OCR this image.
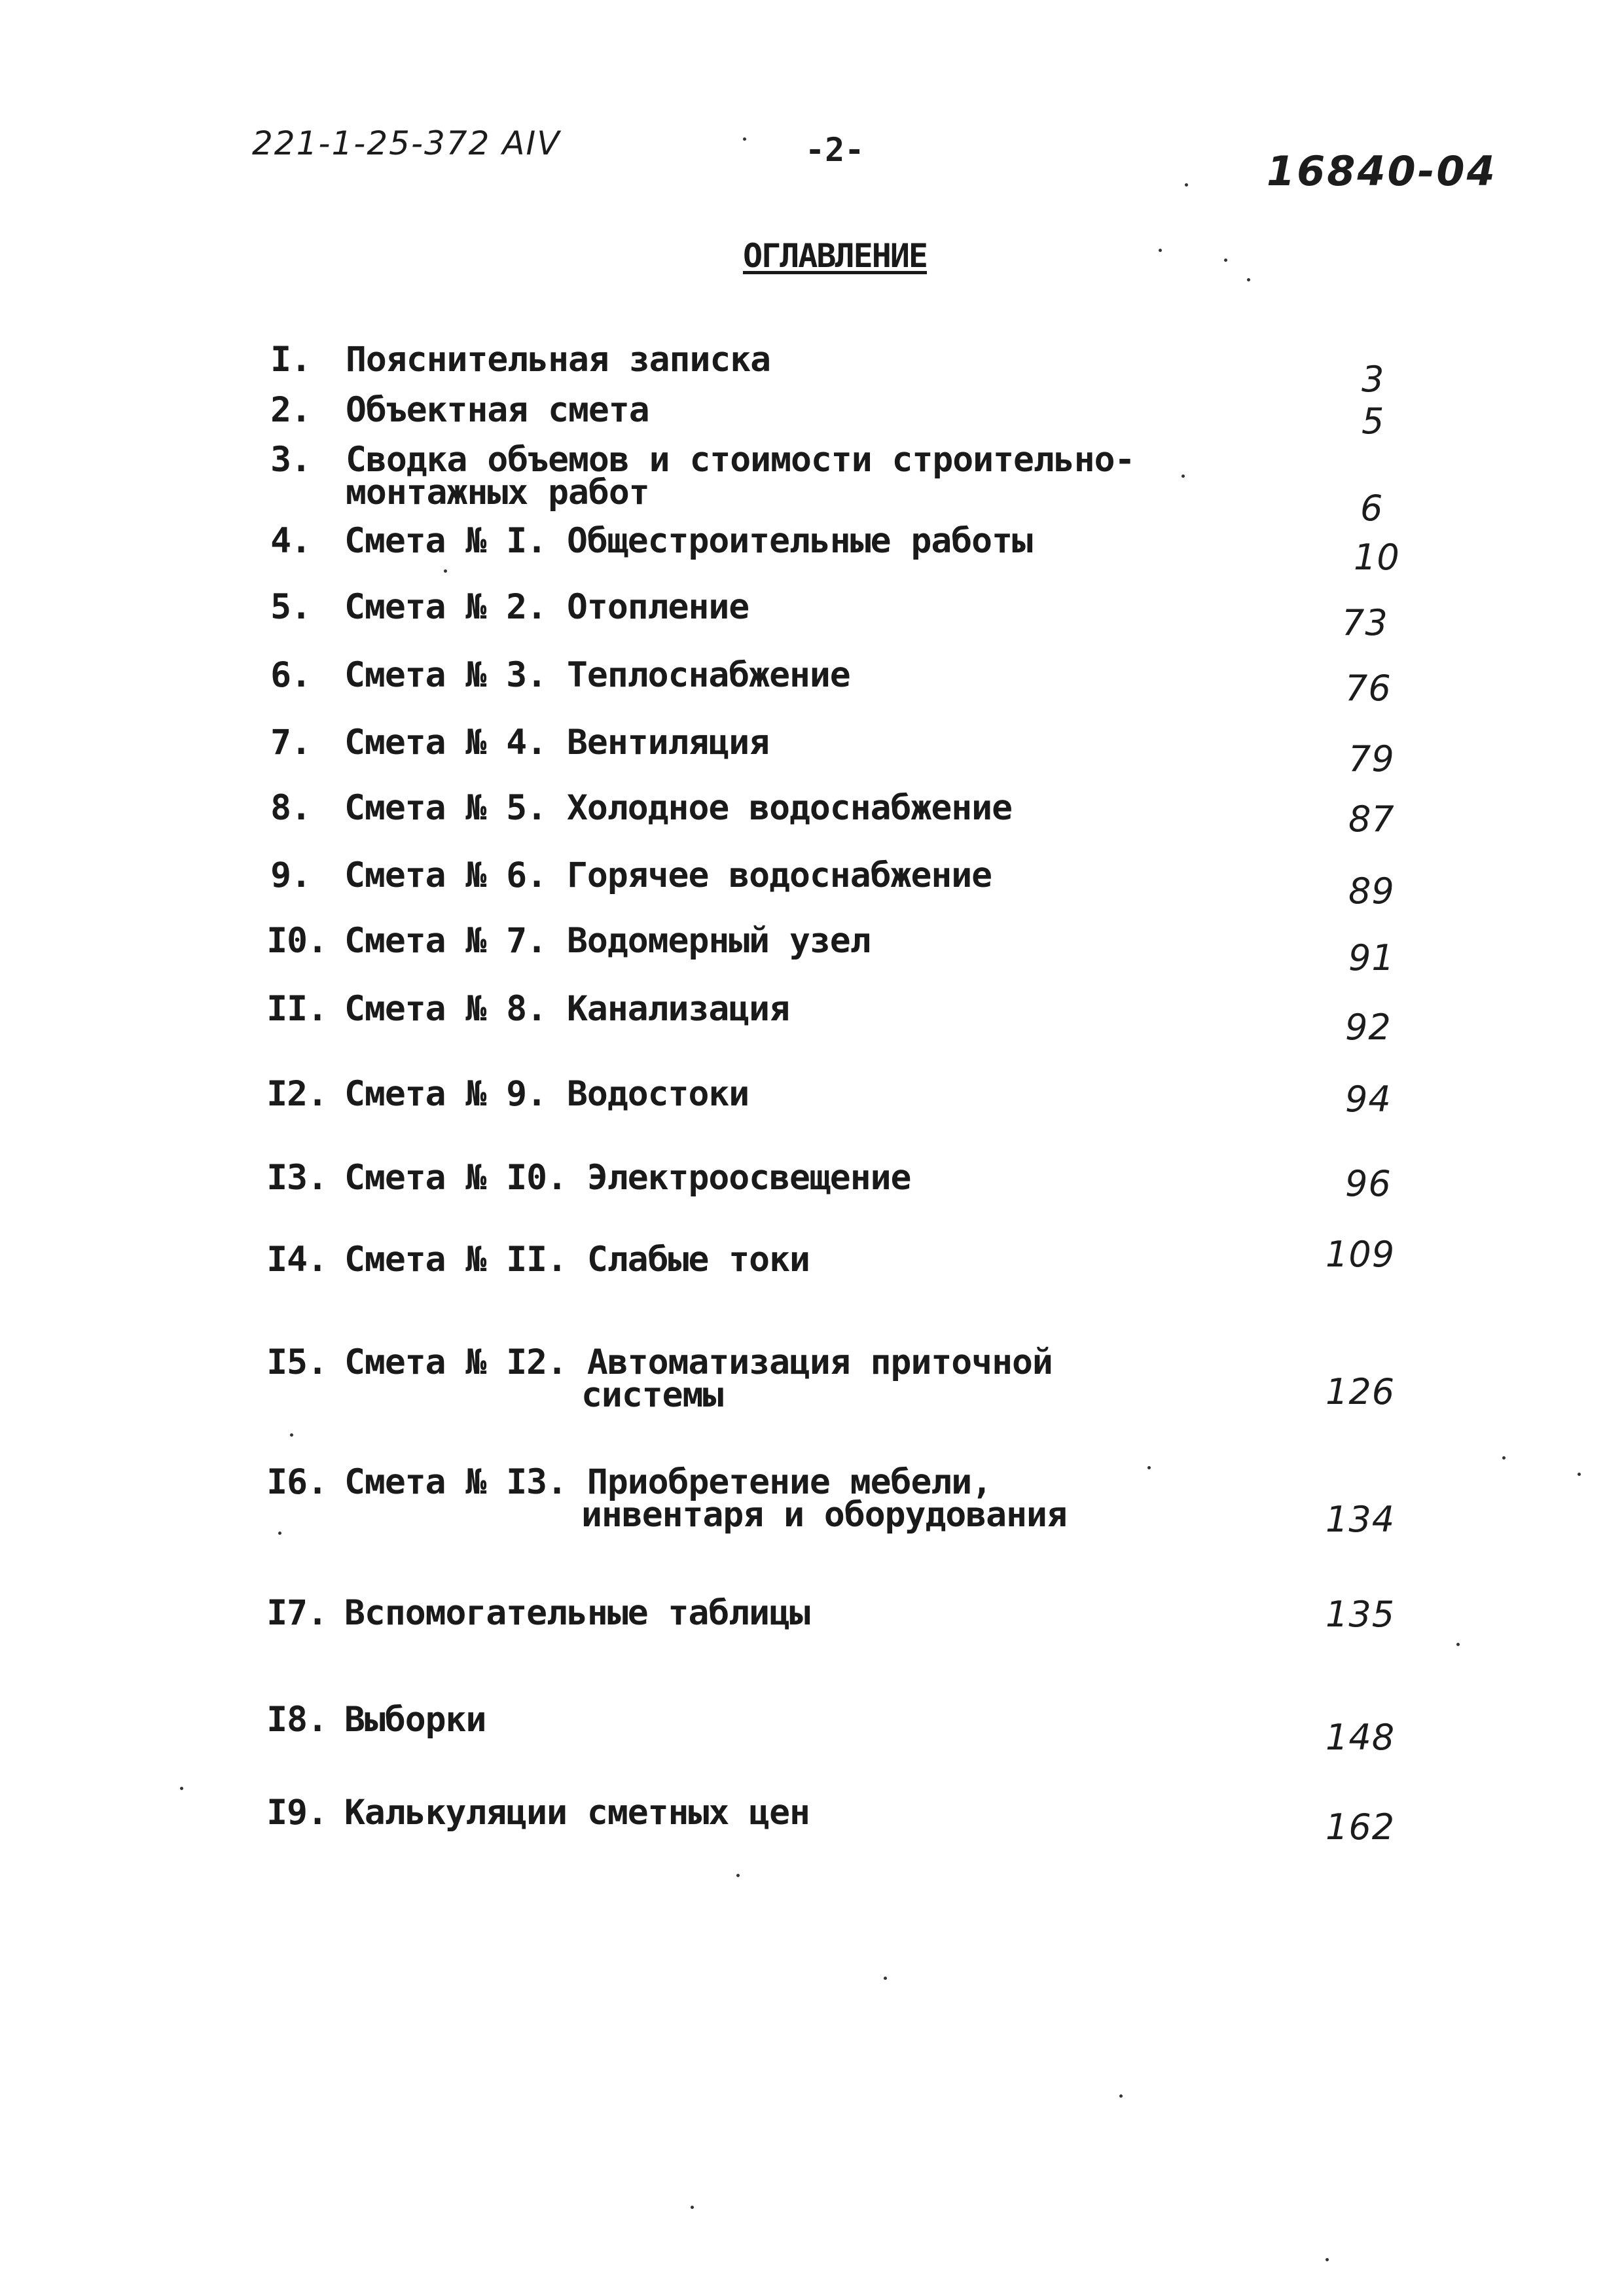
221-1-25-372 AIV	-2-	16840-04
ОГЛАВЛЕНИЕ
I. Пояснительная записка	3
2. Объектная смета	5
3. Сводка объемов и стоимости строительно-
монтажных работ	6
4. Смета № I. Общестроительные работы	10
5. Смета № 2. Отопление	73
6. Смета № 3. Теплоснабжение	76
7. Смета № 4. Вентиляция	79
8. Смета № 5. Холодное водоснабжение	87
9. Смета № 6. Горячее водоснабжение	89
I0. Смета № 7. Водомерный узел	91
II. Смета № 8. Канализация	92
I2. Смета № 9. Водостоки	94
I3. Смета № I0. Электроосвещение	96
I4. Смета № II. Слабые токи	109
I5. Смета № I2. Автоматизация приточной
системы	126
I6. Смета № I3. Приобретение мебели,
инвентаря и оборудования	134
I7. Вспомогательные таблицы	135
I8. Выборки	148
I9. Калькуляции сметных цен	162
